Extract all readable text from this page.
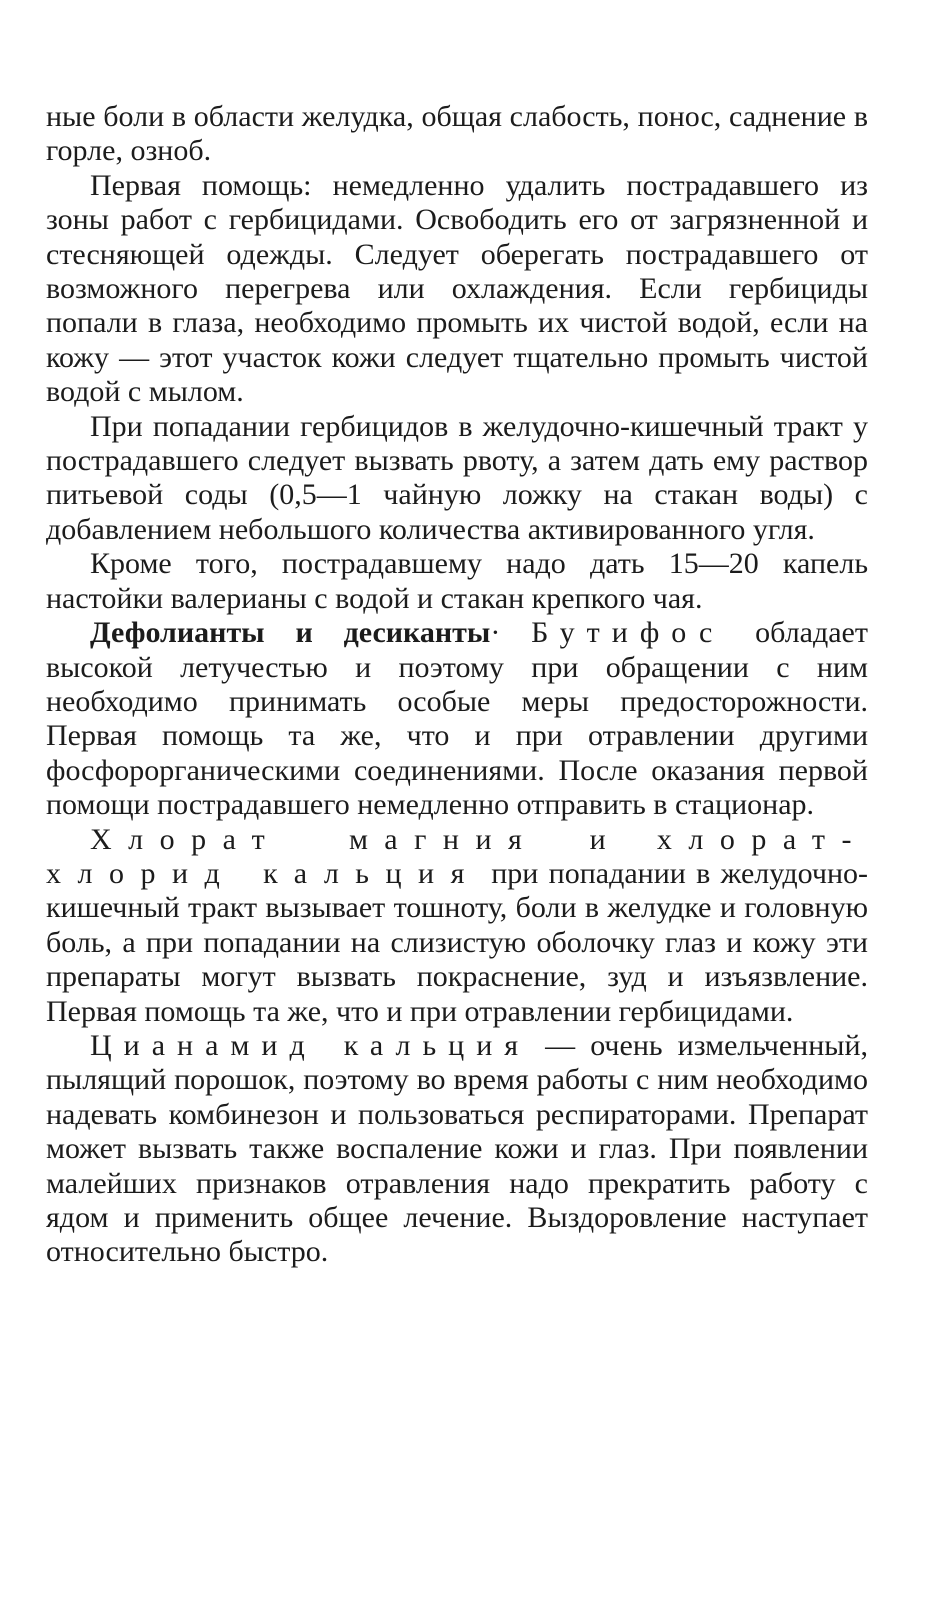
ные боли в области желудка, общая слабость, понос, саднение в горле, озноб.

Первая помощь: немедленно удалить пострадавшего из зоны работ с гербицидами. Освободить его от загрязненной и стесняющей одежды. Следует оберегать пострадавшего от возможного перегрева или охлаждения. Если гербициды попали в глаза, необходимо промыть их чистой водой, если на кожу — этот участок кожи следует тщательно промыть чистой водой с мылом.

При попадании гербицидов в желудочно-кишечный тракт у пострадавшего следует вызвать рвоту, а затем дать ему раствор питьевой соды (0,5—1 чайную ложку на стакан воды) с добавлением небольшого количества активированного угля.

Кроме того, пострадавшему надо дать 15—20 капель настойки валерианы с водой и стакан крепкого чая.

Дефолианты и десиканты· Бутифос обладает высокой летучестью и поэтому при обращении с ним необходимо принимать особые меры предосторожности. Первая помощь та же, что и при отравлении другими фосфорорганическими соединениями. После оказания первой помощи пострадавшего немедленно отправить в стационар.

Хлорат магния и хлорат-хлорид кальция при попадании в желудочно-кишечный тракт вызывает тошноту, боли в желудке и головную боль, а при попадании на слизистую оболочку глаз и кожу эти препараты могут вызвать покраснение, зуд и изъязвление. Первая помощь та же, что и при отравлении гербицидами.

Цианамид кальция — очень измельченный, пылящий порошок, поэтому во время работы с ним необходимо надевать комбинезон и пользоваться респираторами. Препарат может вызвать также воспаление кожи и глаз. При появлении малейших признаков отравления надо прекратить работу с ядом и применить общее лечение. Выздоровление наступает относительно быстро.
